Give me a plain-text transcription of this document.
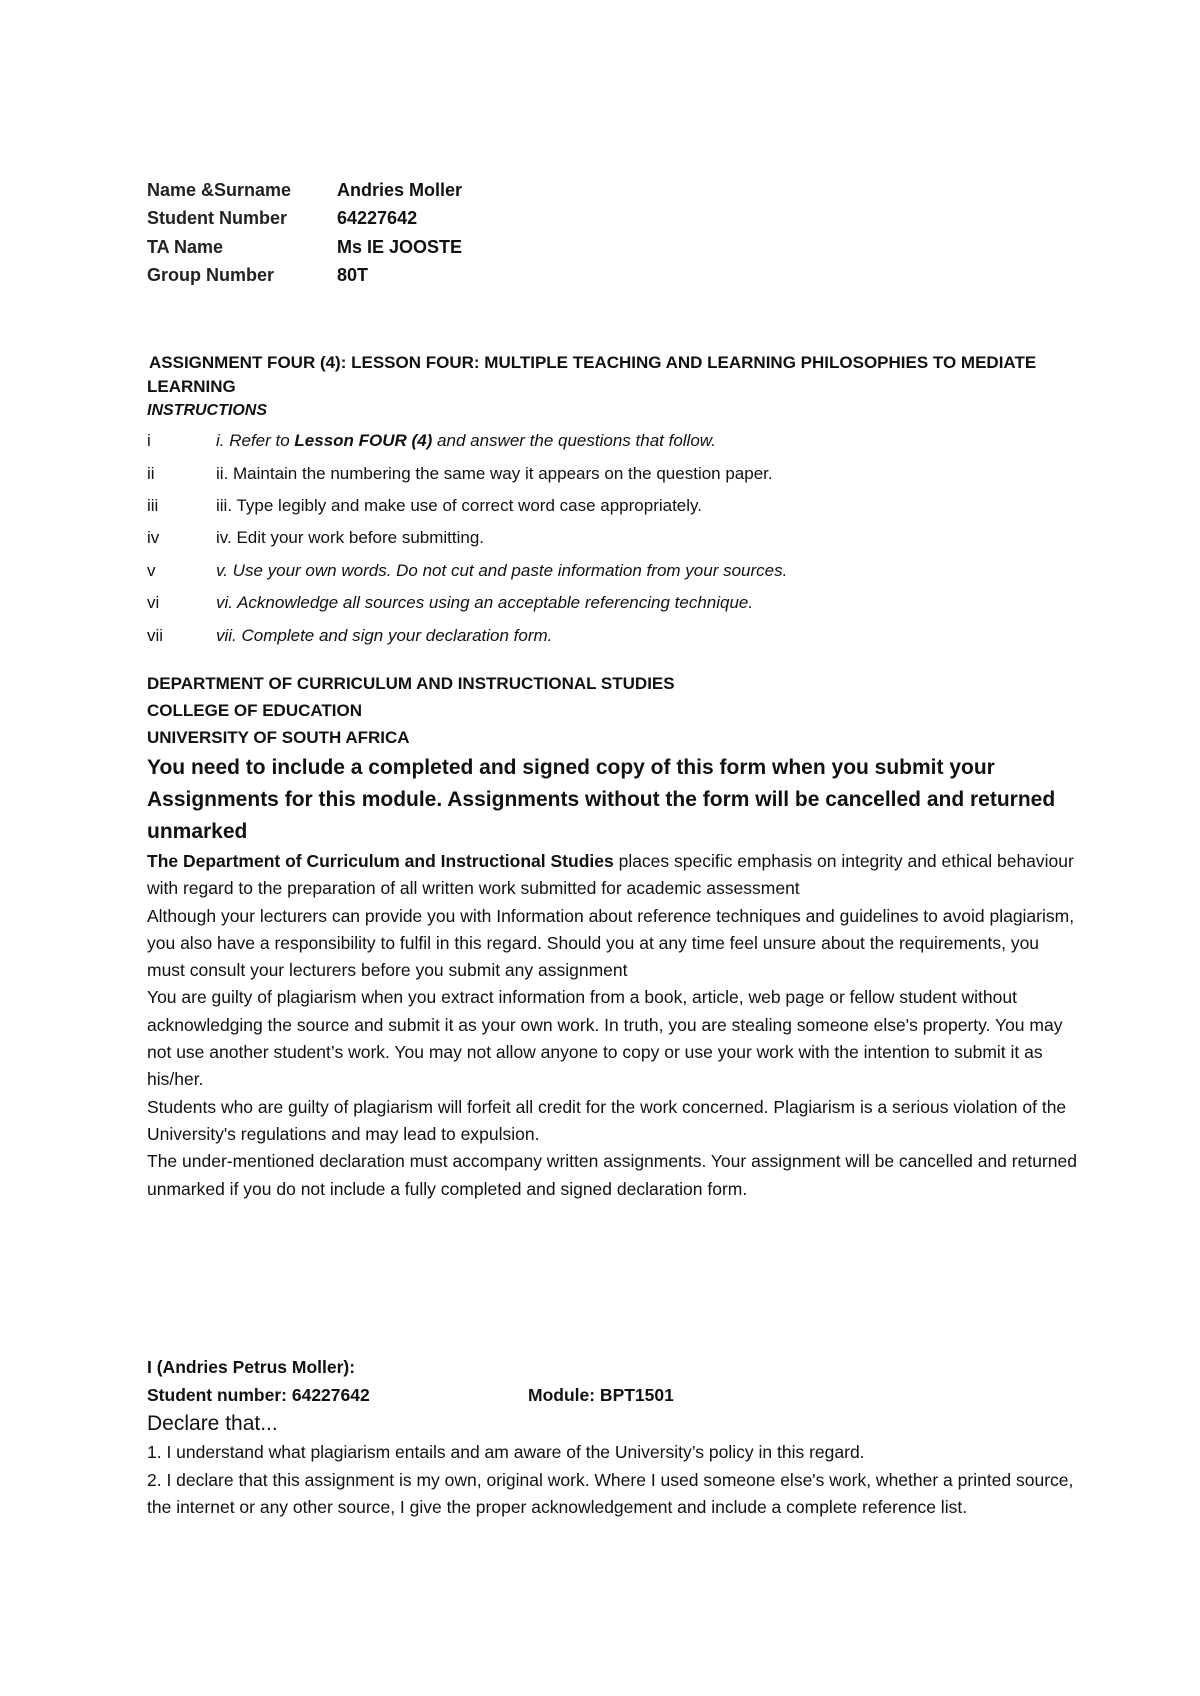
Name &Surname	Andries Moller
Student Number	64227642
TA Name	Ms IE JOOSTE
Group Number	80T
ASSIGNMENT FOUR (4): LESSON FOUR: MULTIPLE TEACHING AND LEARNING PHILOSOPHIES TO MEDIATE LEARNING
INSTRUCTIONS
i	i. Refer to Lesson FOUR (4) and answer the questions that follow.
ii	ii. Maintain the numbering the same way it appears on the question paper.
iii	iii. Type legibly and make use of correct word case appropriately.
iv	iv. Edit your work before submitting.
v	v. Use your own words. Do not cut and paste information from your sources.
vi	vi. Acknowledge all sources using an acceptable referencing technique.
vii	vii. Complete and sign your declaration form.
DEPARTMENT OF CURRICULUM AND INSTRUCTIONAL STUDIES
COLLEGE OF EDUCATION
UNIVERSITY OF SOUTH AFRICA
You need to include a completed and signed copy of this form when you submit your Assignments for this module. Assignments without the form will be cancelled and returned unmarked

The Department of Curriculum and Instructional Studies places specific emphasis on integrity and ethical behaviour with regard to the preparation of all written work submitted for academic assessment

Although your lecturers can provide you with Information about reference techniques and guidelines to avoid plagiarism, you also have a responsibility to fulfil in this regard. Should you at any time feel unsure about the requirements, you must consult your lecturers before you submit any assignment

You are guilty of plagiarism when you extract information from a book, article, web page or fellow student without acknowledging the source and submit it as your own work. In truth, you are stealing someone else's property. You may not use another student’s work. You may not allow anyone to copy or use your work with the intention to submit it as his/her.

Students who are guilty of plagiarism will forfeit all credit for the work concerned. Plagiarism is a serious violation of the University's regulations and may lead to expulsion.

The under-mentioned declaration must accompany written assignments. Your assignment will be cancelled and returned unmarked if you do not include a fully completed and signed declaration form.

I (Andries Petrus Moller):

Student number: 64227642	Module: BPT1501

Declare that...

1. I understand what plagiarism entails and am aware of the University’s policy in this regard.

2. I declare that this assignment is my own, original work. Where I used someone else's work, whether a printed source, the internet or any other source, I give the proper acknowledgement and include a complete reference list.
